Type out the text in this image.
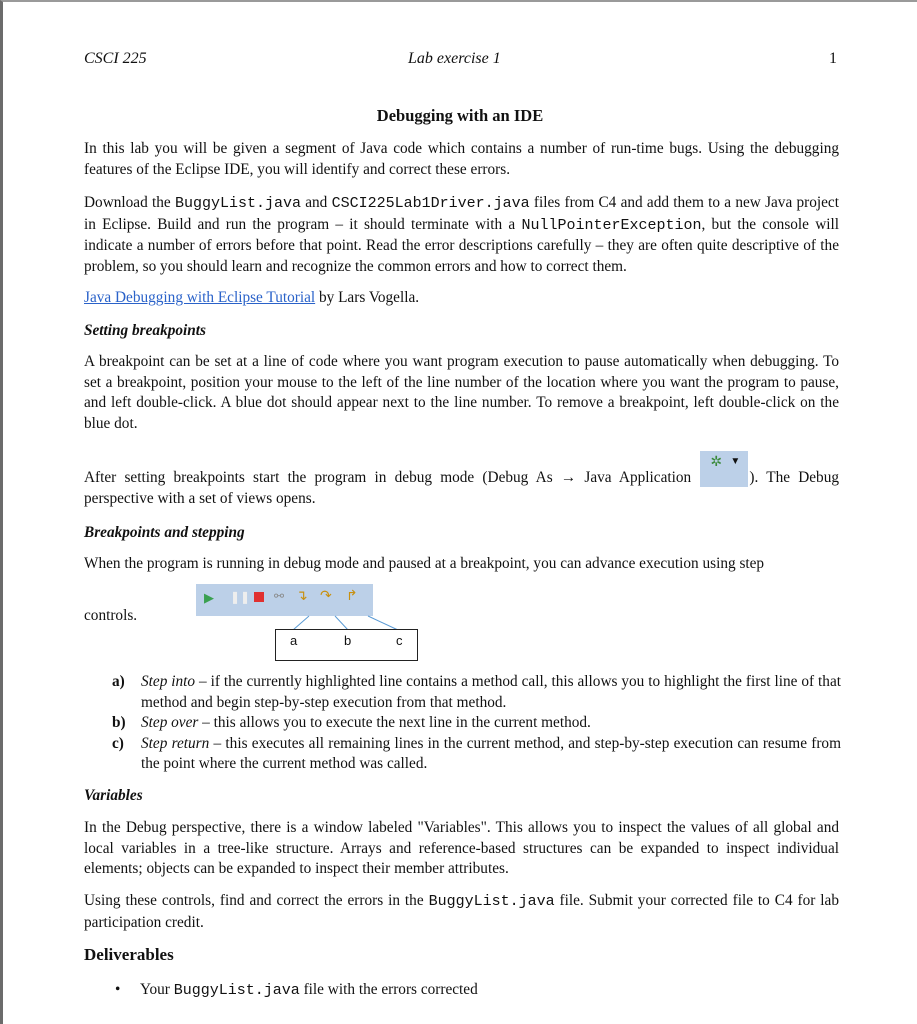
CSCI 225	Lab exercise 1	1
Debugging with an IDE
In this lab you will be given a segment of Java code which contains a number of run-time bugs. Using the debugging features of the Eclipse IDE, you will identify and correct these errors.
Download the BuggyList.java and CSCI225Lab1Driver.java files from C4 and add them to a new Java project in Eclipse. Build and run the program – it should terminate with a NullPointerException, but the console will indicate a number of errors before that point. Read the error descriptions carefully – they are often quite descriptive of the problem, so you should learn and recognize the common errors and how to correct them.
Java Debugging with Eclipse Tutorial by Lars Vogella.
Setting breakpoints
A breakpoint can be set at a line of code where you want program execution to pause automatically when debugging. To set a breakpoint, position your mouse to the left of the line number of the location where you want the program to pause, and left double-click. A blue dot should appear next to the line number. To remove a breakpoint, left double-click on the blue dot.
After setting breakpoints start the program in debug mode (Debug As → Java Application
✲ ▼
). The Debug perspective with a set of views opens.
Breakpoints and stepping
When the program is running in debug mode and paused at a breakpoint, you can advance execution using step
controls.
▶ ❚❚ ⚯ ↴ ↷ ↱
a	b	c
a) Step into – if the currently highlighted line contains a method call, this allows you to highlight the first line of that method and begin step-by-step execution from that method.
b) Step over – this allows you to execute the next line in the current method.
c) Step return – this executes all remaining lines in the current method, and step-by-step execution can resume from the point where the current method was called.
Variables
In the Debug perspective, there is a window labeled "Variables". This allows you to inspect the values of all global and local variables in a tree-like structure. Arrays and reference-based structures can be expanded to inspect individual elements; objects can be expanded to inspect their member attributes.
Using these controls, find and correct the errors in the BuggyList.java file. Submit your corrected file to C4 for lab participation credit.
Deliverables
• Your BuggyList.java file with the errors corrected
